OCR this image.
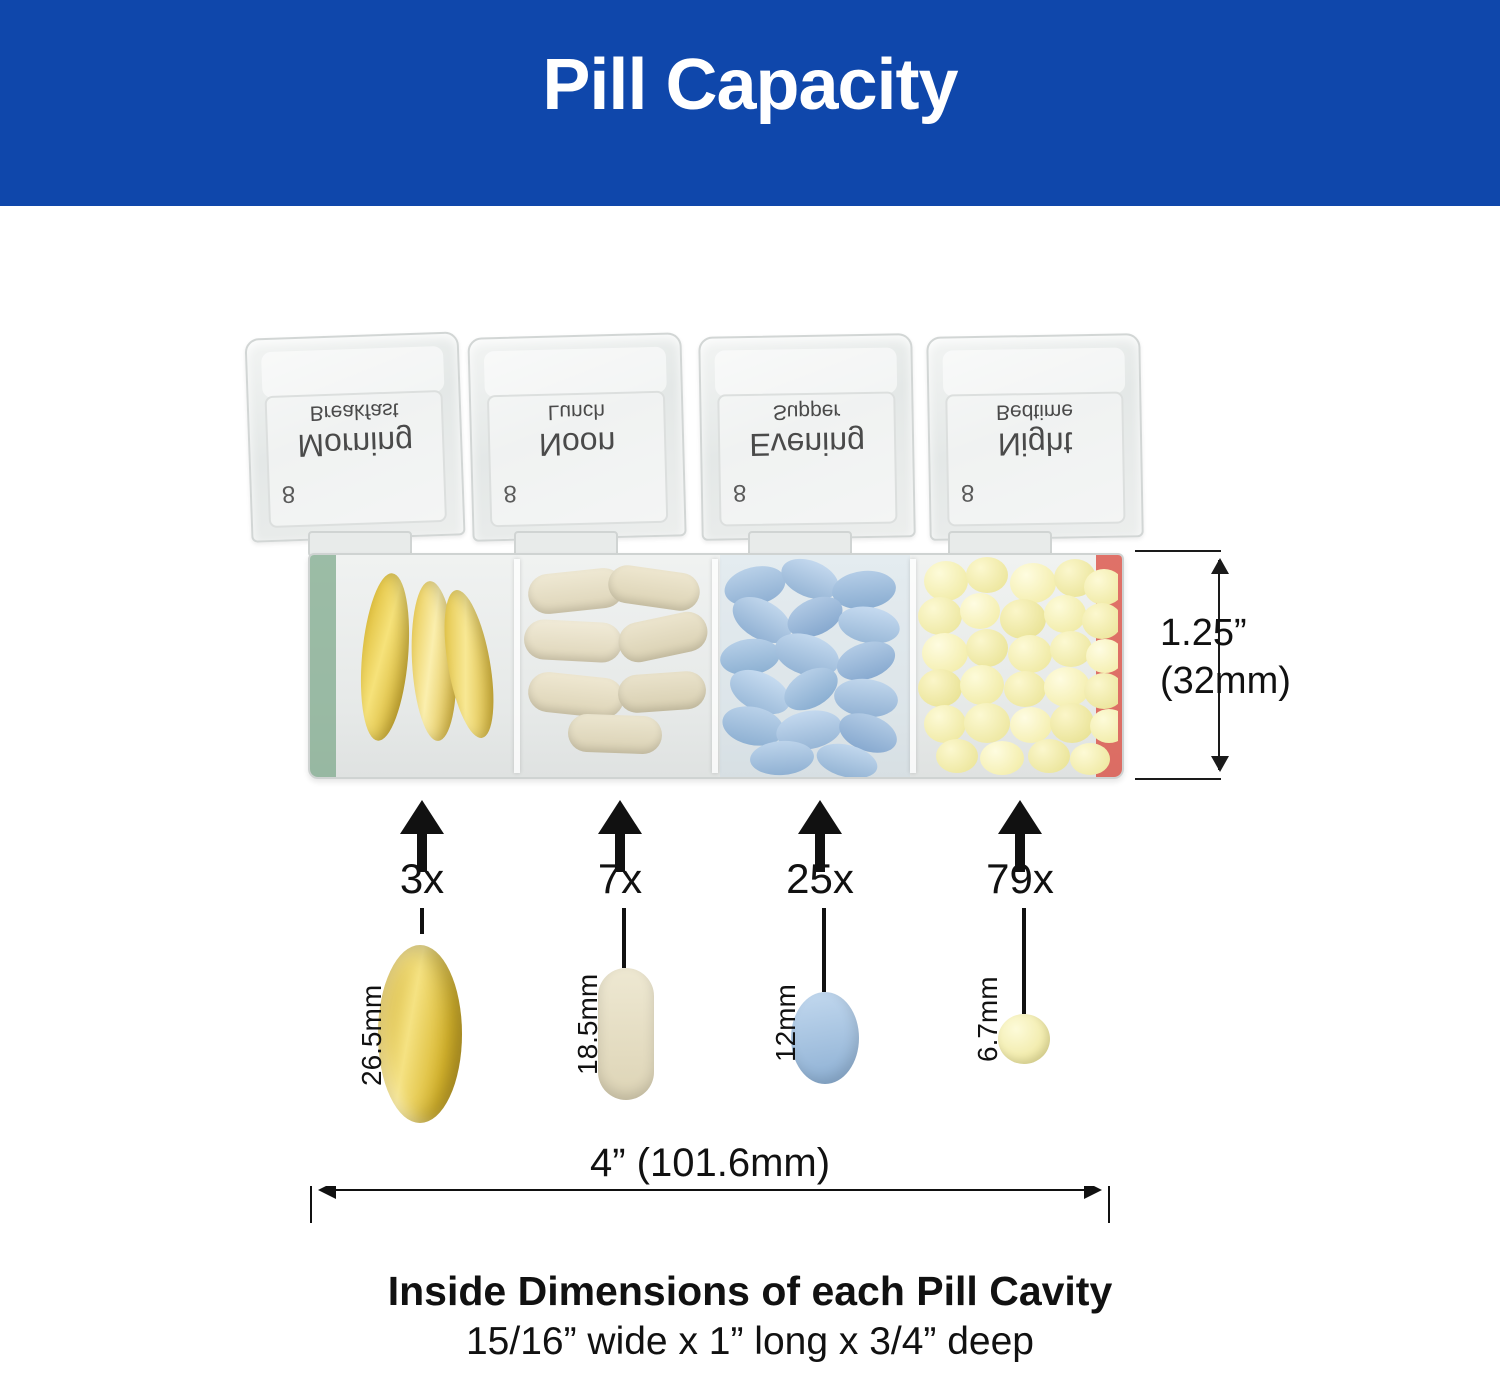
Pill Capacity
Breakfast
Morning
8
Lunch
Noon
8
Supper
Evening
8
Bedtime
Night
8
1.25”
(32mm)
3x	7x	25x	79x
26.5mm	18.5mm	12mm	6.7mm
4” (101.6mm)
Inside Dimensions of each Pill Cavity
15/16” wide x 1” long x 3/4” deep
